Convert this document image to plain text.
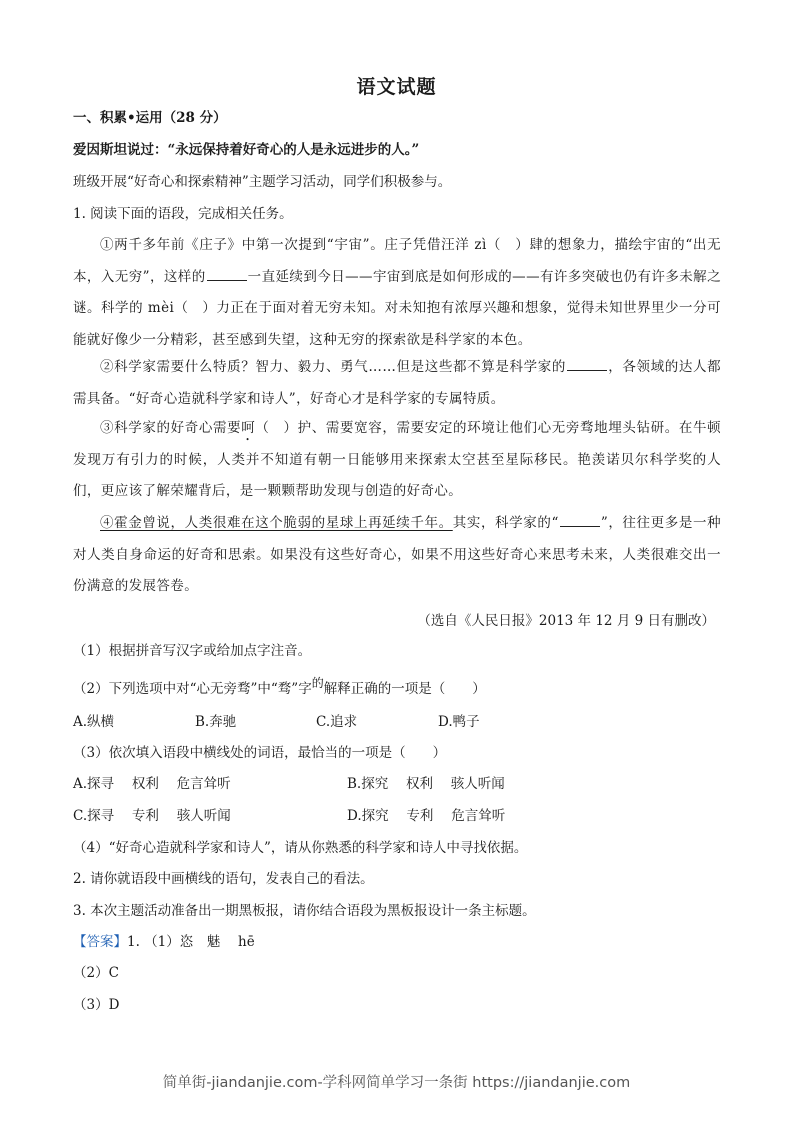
语文试题
一、积累•运用（28 分）
爱因斯坦说过：“永远保持着好奇心的人是永远进步的人。”
班级开展“好奇心和探索精神”主题学习活动，同学们积极参与。
1. 阅读下面的语段，完成相关任务。
①两千多年前《庄子》中第一次提到“宇宙”。庄子凭借汪洋 zì（　）肆的想象力，描绘宇宙的“出无本，入无穷”，这样的	一直延续到今日——宇宙到底是如何形成的——有许多突破也仍有许多未解之谜。科学的 mèi（　）力正在于面对着无穷未知。对未知抱有浓厚兴趣和想象，觉得未知世界里少一分可能就好像少一分精彩，甚至感到失望，这种无穷的探索欲是科学家的本色。
②科学家需要什么特质？智力、毅力、勇气……但是这些都不算是科学家的	，各领域的达人都需具备。“好奇心造就科学家和诗人”，好奇心才是科学家的专属特质。
③科学家的好奇心需要呵（　）护、需要宽容，需要安定的环境让他们心无旁骛地埋头钻研。在牛顿发现万有引力的时候，人类并不知道有朝一日能够用来探索太空甚至星际移民。艳羡诺贝尔科学奖的人们，更应该了解荣耀背后，是一颗颗帮助发现与创造的好奇心。
④霍金曾说，人类很难在这个脆弱的星球上再延续千年。其实，科学家的“	”，往往更多是一种对人类自身命运的好奇和思索。如果没有这些好奇心，如果不用这些好奇心来思考未来，人类很难交出一份满意的发展答卷。
（选自《人民日报》2013 年 12 月 9 日有删改）
（1）根据拼音写汉字或给加点字注音。
（2）下列选项中对“心无旁骛”中“骛”字的解释正确的一项是（　　）
A.纵横	B.奔驰	C.追求	D.鸭子
（3）依次填入语段中横线处的词语，最恰当的一项是（　　）
A.探寻　 权利　 危言耸听	B.探究　 权利　 骇人听闻
C.探寻　 专利　 骇人听闻	D.探究　 专利　 危言耸听
（4）“好奇心造就科学家和诗人”，请从你熟悉的科学家和诗人中寻找依据。
2. 请你就语段中画横线的语句，发表自己的看法。
3. 本次主题活动准备出一期黑板报，请你结合语段为黑板报设计一条主标题。
【答案】1. （1）恣　魅　 hē
（2）C
（3）D
简单街-jiandanjie.com-学科网简单学习一条街 https://jiandanjie.com
